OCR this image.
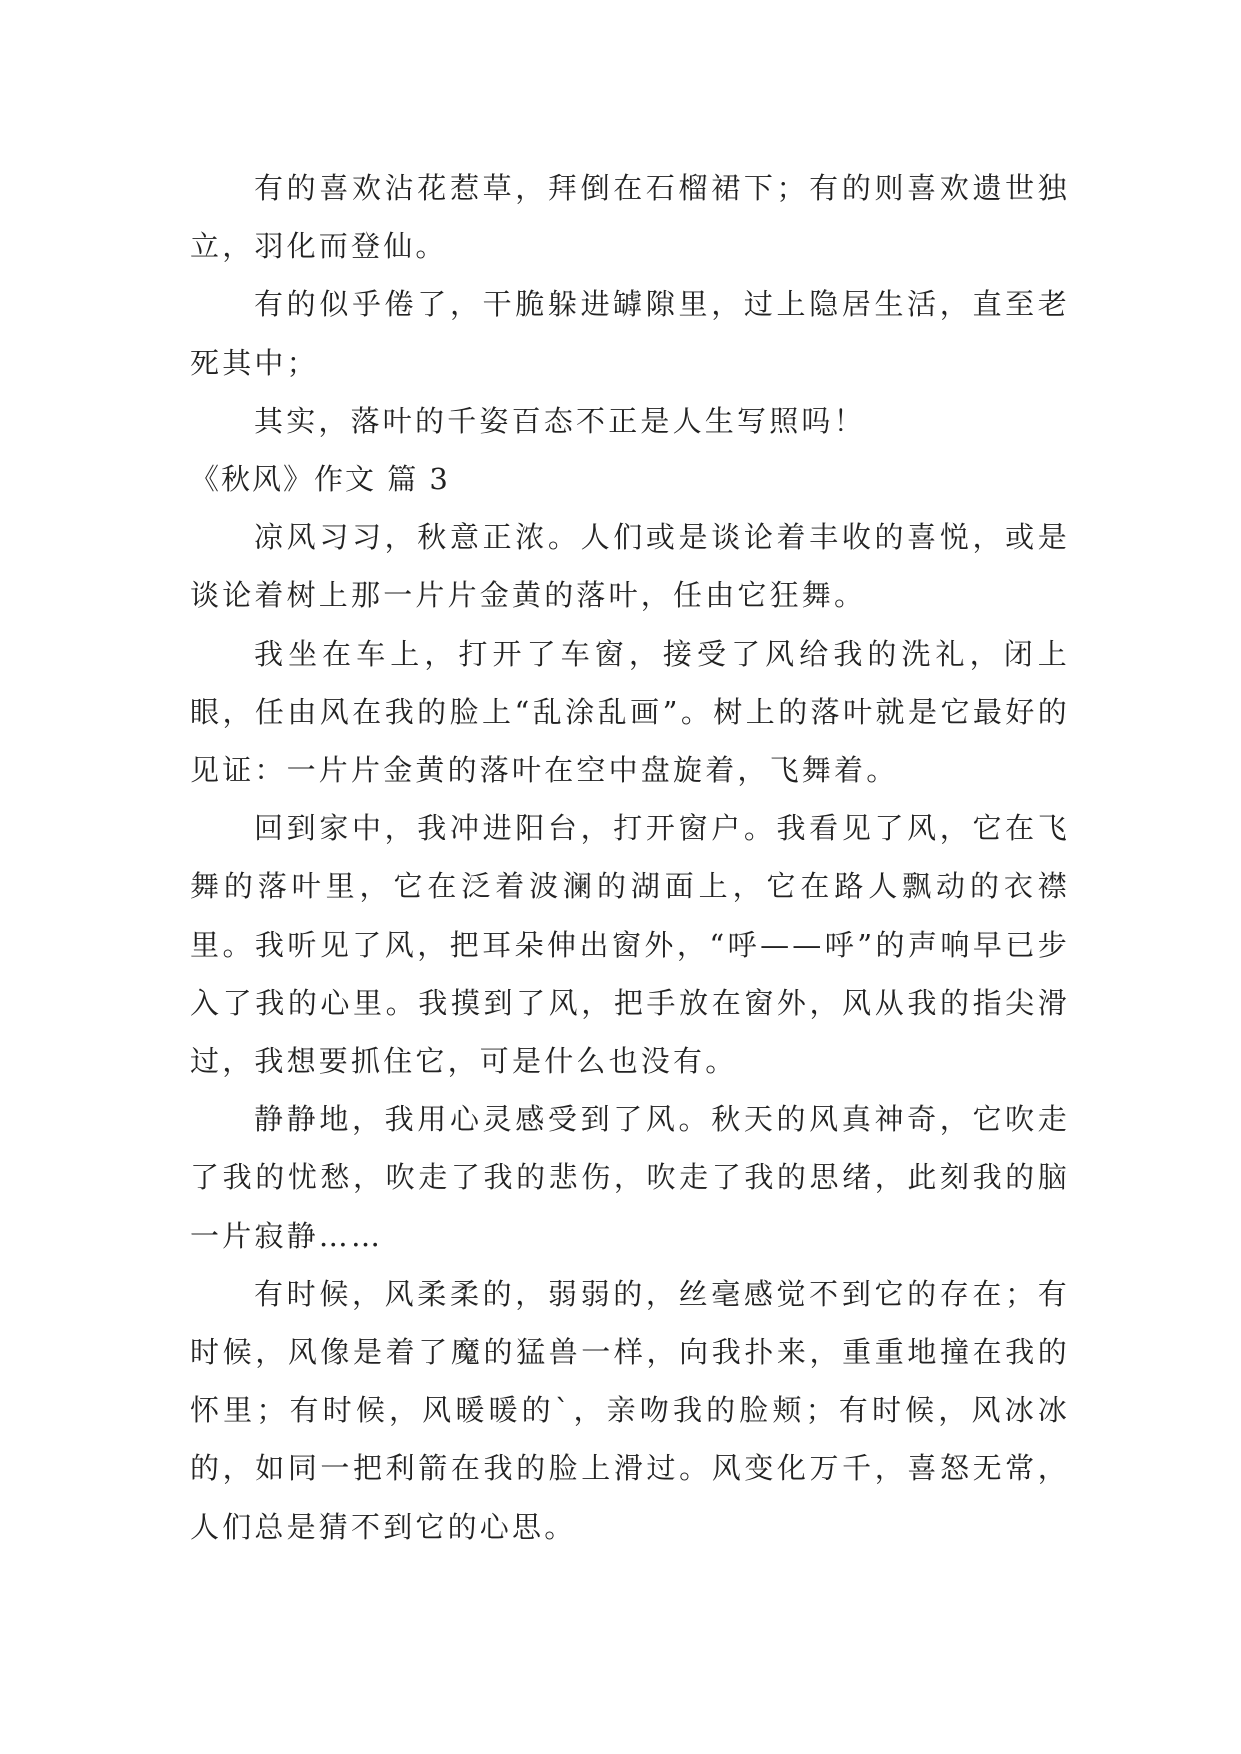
有的喜欢沾花惹草，拜倒在石榴裙下；有的则喜欢遗世独立，羽化而登仙。

有的似乎倦了，干脆躲进罅隙里，过上隐居生活，直至老死其中；

其实，落叶的千姿百态不正是人生写照吗！

《秋风》作文 篇 3

凉风习习，秋意正浓。人们或是谈论着丰收的喜悦，或是谈论着树上那一片片金黄的落叶，任由它狂舞。

我坐在车上，打开了车窗，接受了风给我的洗礼，闭上眼，任由风在我的脸上“乱涂乱画”。树上的落叶就是它最好的见证：一片片金黄的落叶在空中盘旋着，飞舞着。

回到家中，我冲进阳台，打开窗户。我看见了风，它在飞舞的落叶里，它在泛着波澜的湖面上，它在路人飘动的衣襟里。我听见了风，把耳朵伸出窗外，“呼——呼”的声响早已步入了我的心里。我摸到了风，把手放在窗外，风从我的指尖滑过，我想要抓住它，可是什么也没有。

静静地，我用心灵感受到了风。秋天的风真神奇，它吹走了我的忧愁，吹走了我的悲伤，吹走了我的思绪，此刻我的脑一片寂静……

有时候，风柔柔的，弱弱的，丝毫感觉不到它的存在；有时候，风像是着了魔的猛兽一样，向我扑来，重重地撞在我的怀里；有时候，风暖暖的`，亲吻我的脸颊；有时候，风冰冰的，如同一把利箭在我的脸上滑过。风变化万千，喜怒无常，人们总是猜不到它的心思。
